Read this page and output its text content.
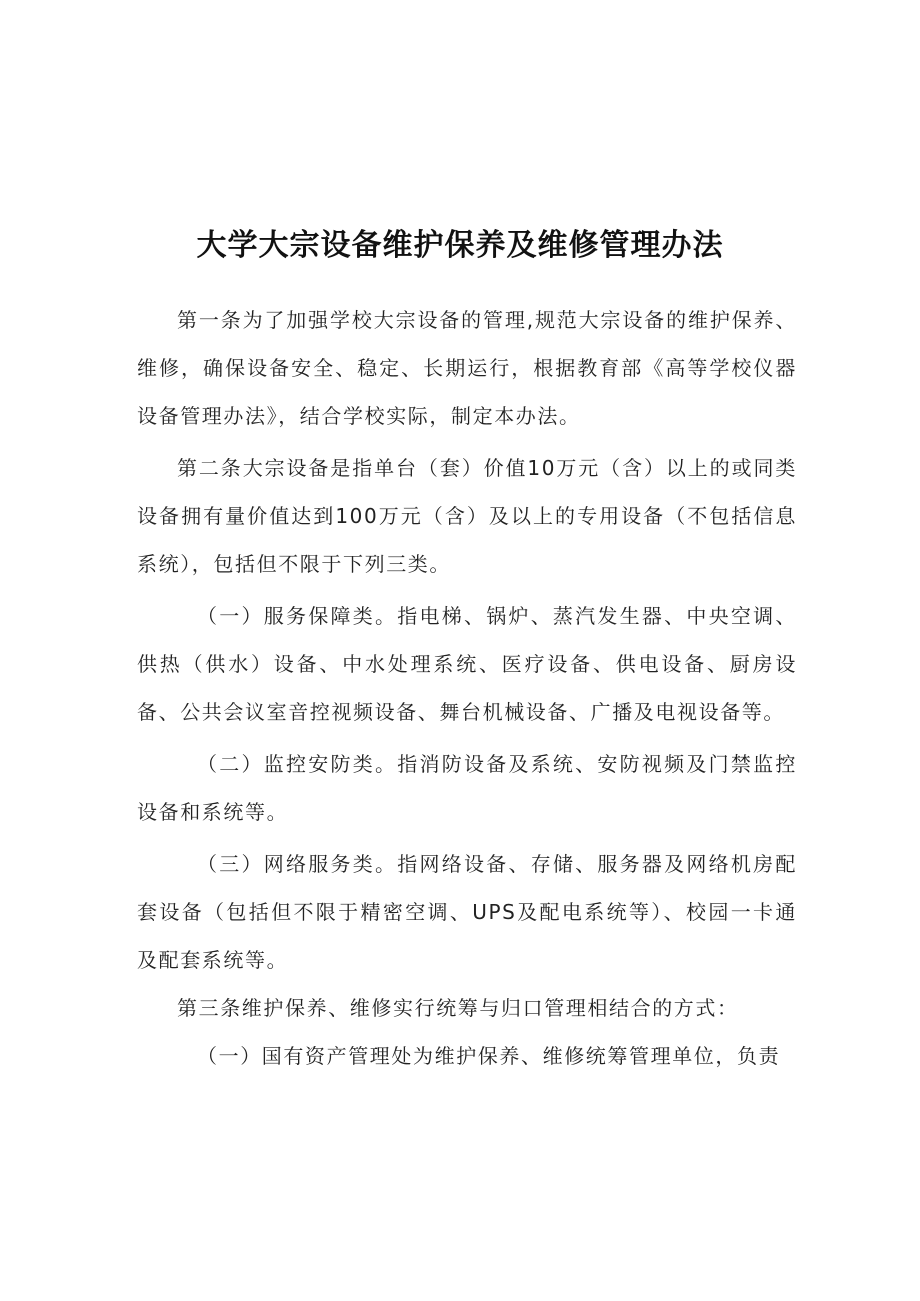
大学大宗设备维护保养及维修管理办法

第一条为了加强学校大宗设备的管理,规范大宗设备的维护保养、维修，确保设备安全、稳定、长期运行，根据教育部《高等学校仪器设备管理办法》，结合学校实际，制定本办法。

第二条大宗设备是指单台（套）价值10万元（含）以上的或同类设备拥有量价值达到100万元（含）及以上的专用设备（不包括信息系统），包括但不限于下列三类。

（一）服务保障类。指电梯、锅炉、蒸汽发生器、中央空调、供热（供水）设备、中水处理系统、医疗设备、供电设备、厨房设备、公共会议室音控视频设备、舞台机械设备、广播及电视设备等。

（二）监控安防类。指消防设备及系统、安防视频及门禁监控设备和系统等。

（三）网络服务类。指网络设备、存储、服务器及网络机房配套设备（包括但不限于精密空调、UPS及配电系统等）、校园一卡通及配套系统等。

第三条维护保养、维修实行统筹与归口管理相结合的方式：

（一）国有资产管理处为维护保养、维修统筹管理单位，负责
